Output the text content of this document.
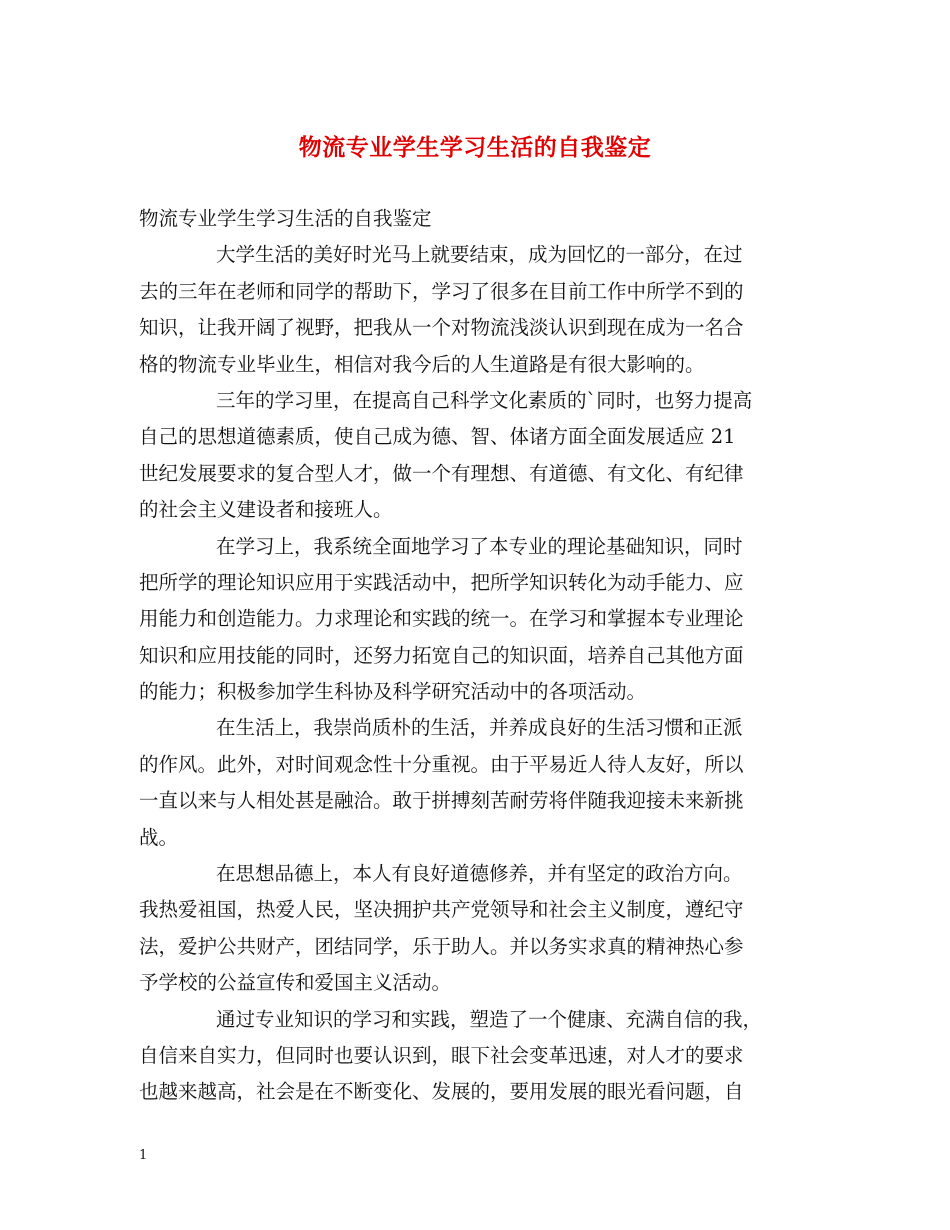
物流专业学生学习生活的自我鉴定

物流专业学生学习生活的自我鉴定

大学生活的美好时光马上就要结束，成为回忆的一部分，在过
去的三年在老师和同学的帮助下，学习了很多在目前工作中所学不到的
知识，让我开阔了视野，把我从一个对物流浅淡认识到现在成为一名合
格的物流专业毕业生，相信对我今后的人生道路是有很大影响的。

三年的学习里，在提高自己科学文化素质的`同时，也努力提高
自己的思想道德素质，使自己成为德、智、体诸方面全面发展适应 21
世纪发展要求的复合型人才，做一个有理想、有道德、有文化、有纪律
的社会主义建设者和接班人。

在学习上，我系统全面地学习了本专业的理论基础知识，同时
把所学的理论知识应用于实践活动中，把所学知识转化为动手能力、应
用能力和创造能力。力求理论和实践的统一。在学习和掌握本专业理论
知识和应用技能的同时，还努力拓宽自己的知识面，培养自己其他方面
的能力；积极参加学生科协及科学研究活动中的各项活动。

在生活上，我崇尚质朴的生活，并养成良好的生活习惯和正派
的作风。此外，对时间观念性十分重视。由于平易近人待人友好，所以
一直以来与人相处甚是融洽。敢于拼搏刻苦耐劳将伴随我迎接未来新挑
战。

在思想品德上，本人有良好道德修养，并有坚定的政治方向。
我热爱祖国，热爱人民，坚决拥护共产党领导和社会主义制度，遵纪守
法，爱护公共财产，团结同学，乐于助人。并以务实求真的精神热心参
予学校的公益宣传和爱国主义活动。

通过专业知识的学习和实践，塑造了一个健康、充满自信的我，
自信来自实力，但同时也要认识到，眼下社会变革迅速，对人才的要求
也越来越高，社会是在不断变化、发展的，要用发展的眼光看问题，自

1
